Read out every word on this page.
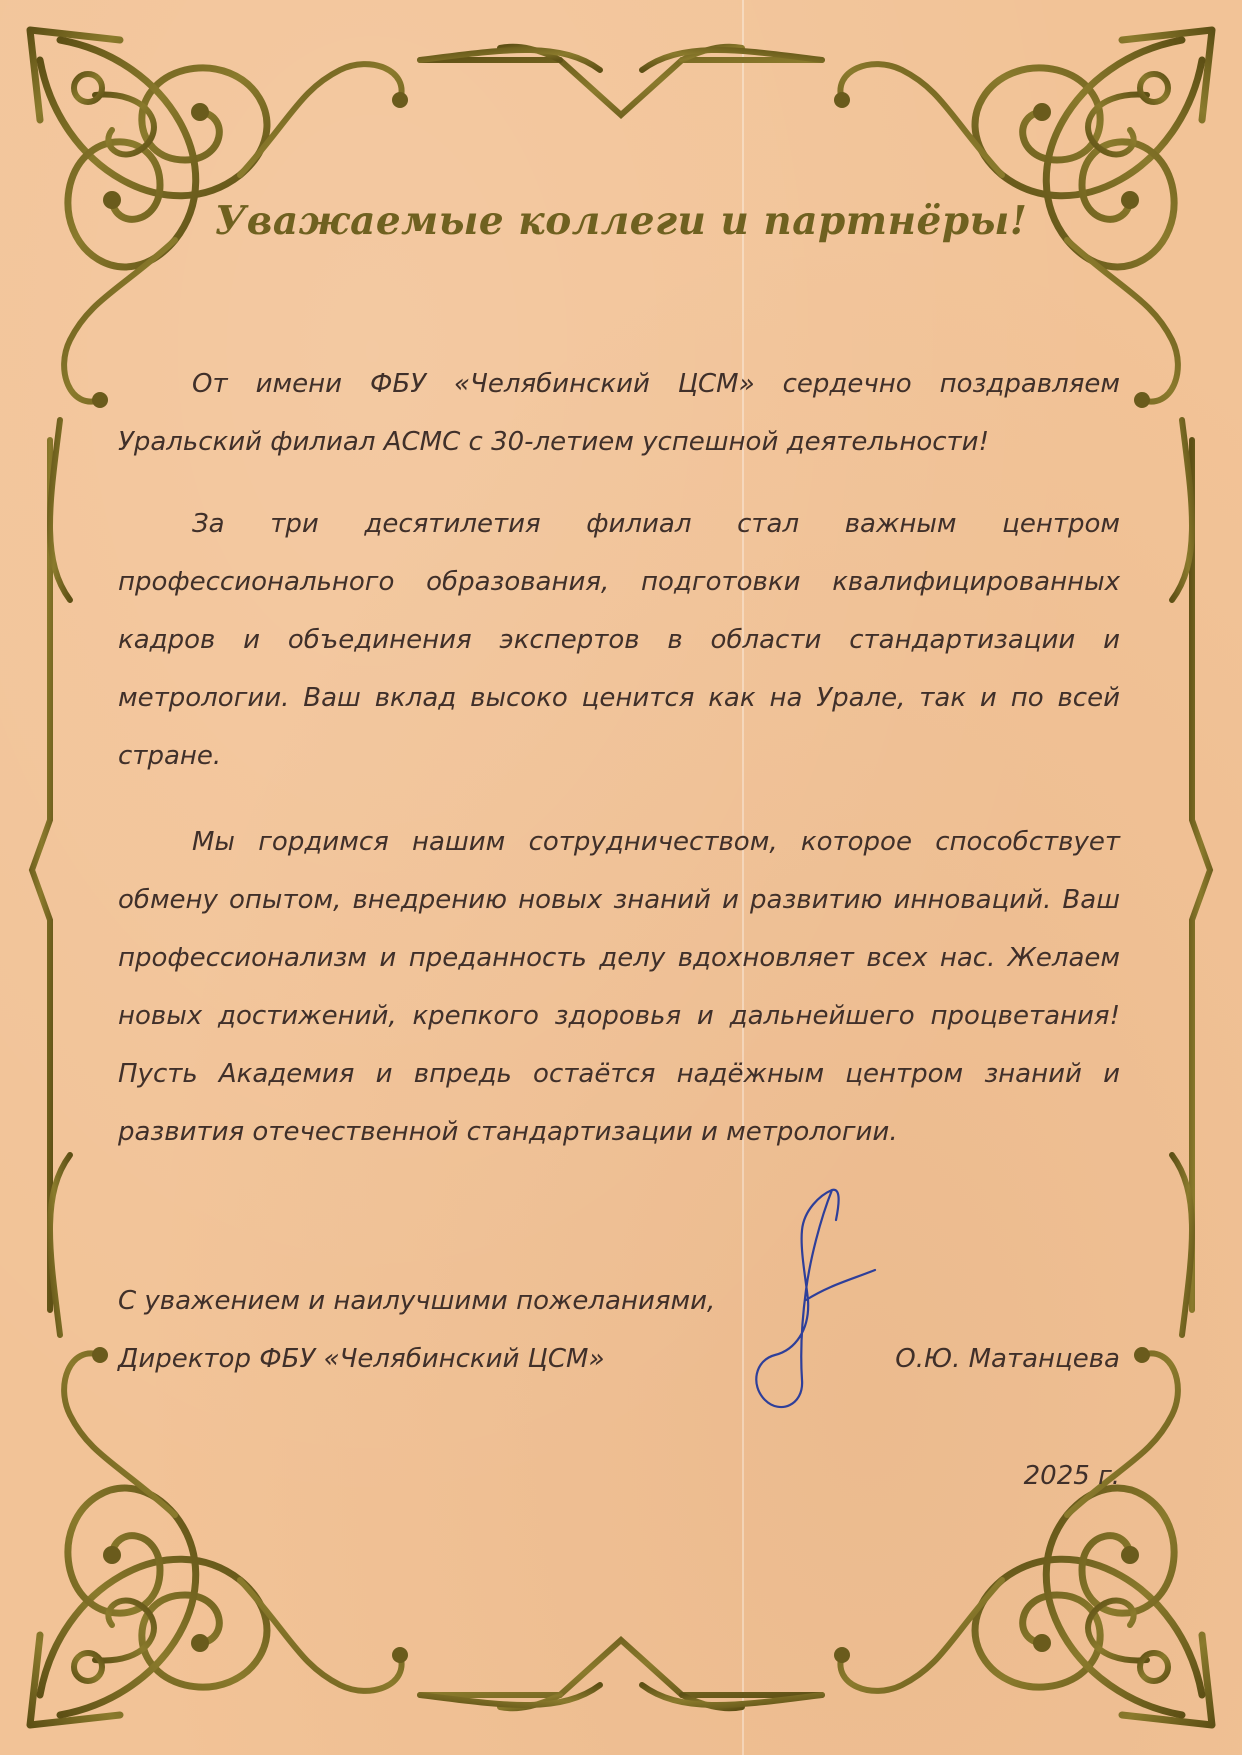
Уважаемые коллеги и партнёры!

От имени ФБУ «Челябинский ЦСМ» сердечно поздравляем Уральский филиал АСМС с 30-летием успешной деятельности!

За три десятилетия филиал стал важным центром профессионального образования, подготовки квалифицированных кадров и объединения экспертов в области стандартизации и метрологии. Ваш вклад высоко ценится как на Урале, так и по всей стране.

Мы гордимся нашим сотрудничеством, которое способствует обмену опытом, внедрению новых знаний и развитию инноваций. Ваш профессионализм и преданность делу вдохновляет всех нас. Желаем новых достижений, крепкого здоровья и дальнейшего процветания! Пусть Академия и впредь остаётся надёжным центром знаний и развития отечественной стандартизации и метрологии.

С уважением и наилучшими пожеланиями,

Директор ФБУ «Челябинский ЦСМ»	О.Ю. Матанцева

2025 г.
